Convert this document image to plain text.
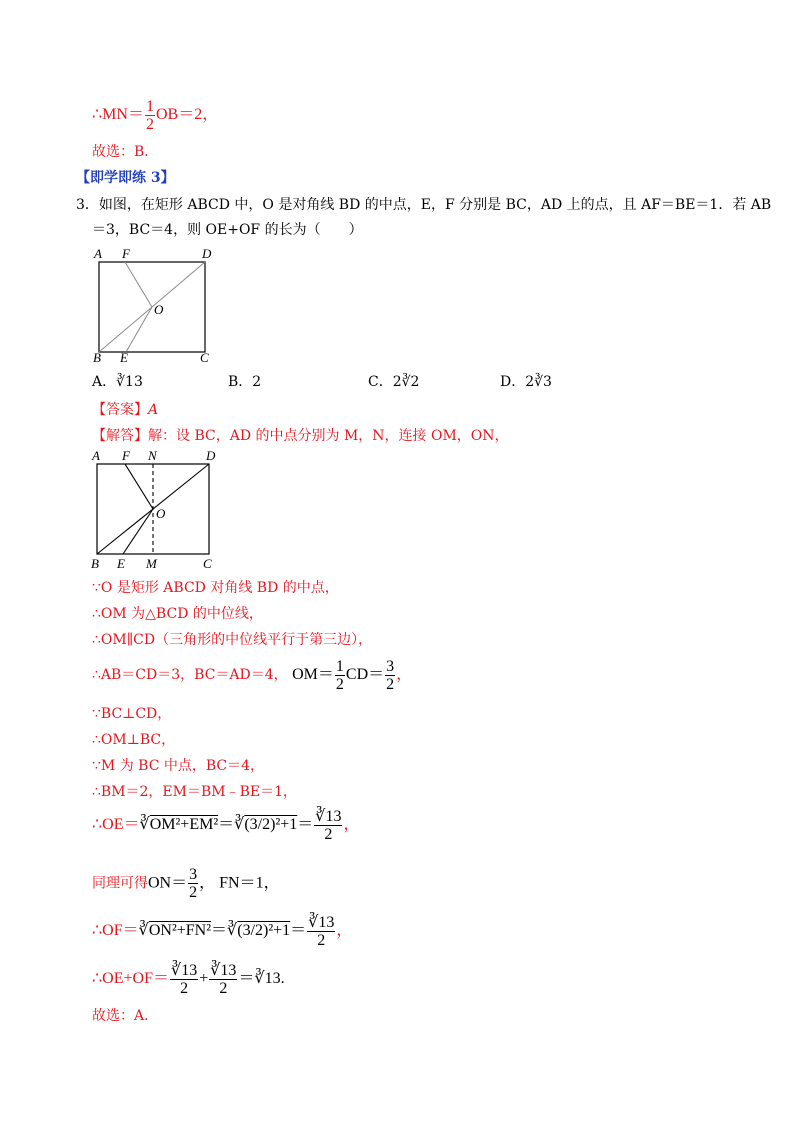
∴MN＝ $\frac{1}{2} OB=2$，
故选：B．
【即学即练 3】
3．如图，在矩形 ABCD 中，O 是对角线 BD 的中点，E，F 分别是 BC，AD 上的点，且 AF＝BE＝1．若 AB
＝3，BC＝4，则 OE+OF 的长为（　　）
A F	D
O
B E	C
A．∛13	B．2	C．2∛2	D．2∛3
【答案】A
【解答】解：设 BC，AD 的中点分别为 M，N，连接 OM，ON，
A F N	D
O
B E M	C
∵O 是矩形 ABCD 对角线 BD 的中点，
∴OM 为△BCD 的中位线，
∴OM∥CD（三角形的中位线平行于第三边），
∴AB＝CD＝3，BC＝AD＝4， $OM= \frac{1}{2} CD= \frac{3}{2}$ ，
∵BC⊥CD，
∴OM⊥BC，
∵M 为 BC 中点，BC＝4，
∴BM＝2，EM＝BM﹣BE＝1，
∴OE＝∛OM²+EM²＝∛(3/2)²+1＝ $\frac{∛13}{2}$ ，
同理可得$ON= \frac{3}{2}$ ， FN＝1，
∴OF＝∛ON²+FN²＝∛(3/2)²+1＝ $\frac{∛13}{2}$ ，
∴OE+OF＝ $\frac{∛13}{2} + \frac{∛13}{2}$ ＝∛13.
故选：A．
